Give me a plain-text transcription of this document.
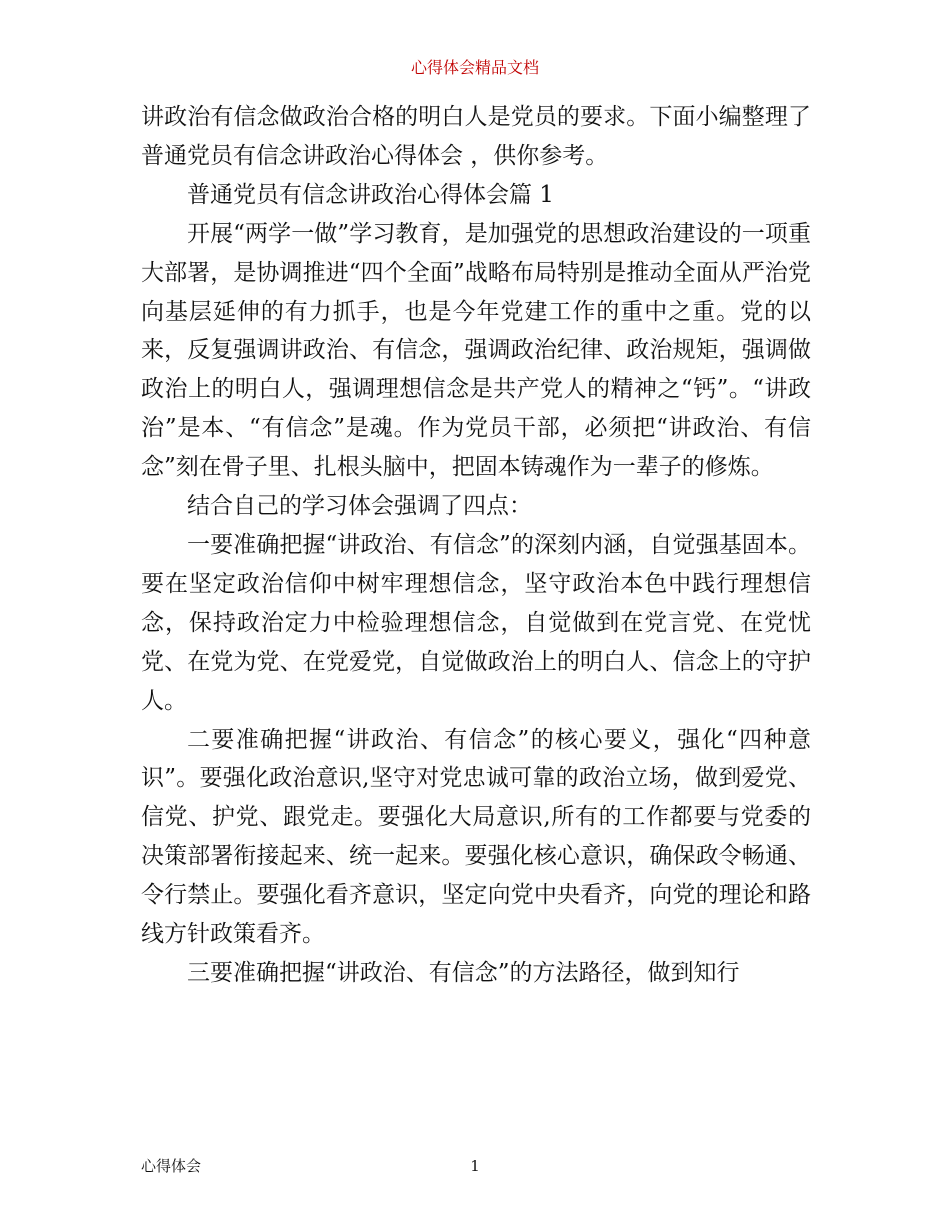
心得体会精品文档

讲政治有信念做政治合格的明白人是党员的要求。下面小编整理了普通党员有信念讲政治心得体会 ，供你参考。

普通党员有信念讲政治心得体会篇 1

开展“两学一做”学习教育，是加强党的思想政治建设的一项重大部署，是协调推进“四个全面”战略布局特别是推动全面从严治党向基层延伸的有力抓手，也是今年党建工作的重中之重。党的以来，反复强调讲政治、有信念，强调政治纪律、政治规矩，强调做政治上的明白人，强调理想信念是共产党人的精神之“钙”。“讲政治”是本、“有信念”是魂。作为党员干部，必须把“讲政治、有信念”刻在骨子里、扎根头脑中，把固本铸魂作为一辈子的修炼。

结合自己的学习体会强调了四点：

一要准确把握“讲政治、有信念”的深刻内涵，自觉强基固本。要在坚定政治信仰中树牢理想信念，坚守政治本色中践行理想信念，保持政治定力中检验理想信念，自觉做到在党言党、在党忧党、在党为党、在党爱党，自觉做政治上的明白人、信念上的守护人。

二要准确把握“讲政治、有信念”的核心要义，强化“四种意识”。要强化政治意识,坚守对党忠诚可靠的政治立场，做到爱党、信党、护党、跟党走。要强化大局意识,所有的工作都要与党委的决策部署衔接起来、统一起来。要强化核心意识，确保政令畅通、令行禁止。要强化看齐意识，坚定向党中央看齐，向党的理论和路线方针政策看齐。

三要准确把握“讲政治、有信念”的方法路径，做到知行

心得体会	1
